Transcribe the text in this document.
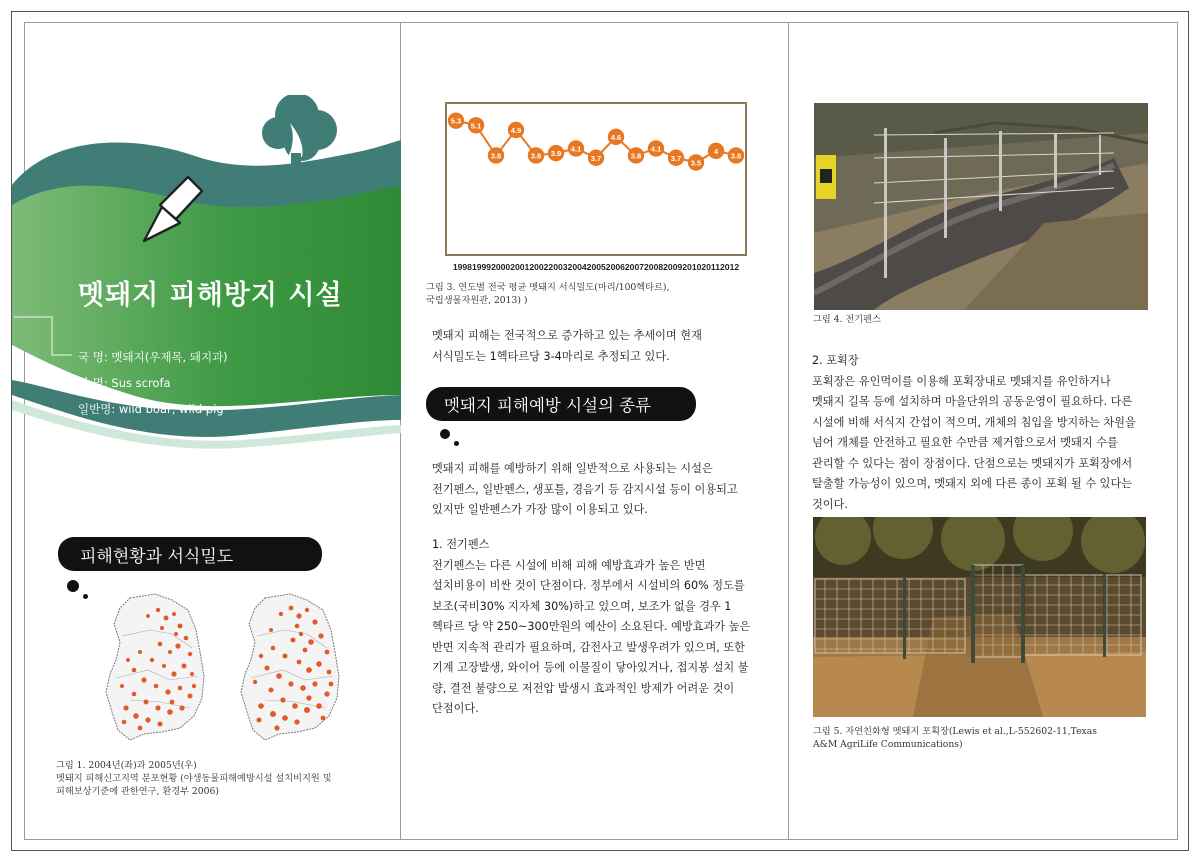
멧돼지 피해방지 시설
국 명: 멧돼지(우제목, 돼지과)
학 명: Sus scrofa
일반명: wild boar, wild pig
피해현황과 서식밀도
그림 1. 2004년(좌)과 2005년(우)
멧돼지 피해신고지역 분포현황 (야생동물피해예방시설 설치비지원 및
피해보상기준에 관한연구, 환경부 2006)
5.3
5.1
3.8
4.9
3.8 3.9
4.1
3.7
4.6
3.8
4.1
3.7
3.5
4
3.8
199819992000200120022003200420052006200720082009201020112012
그림 3. 연도별 전국 평균 멧돼지 서식밀도(마리/100헥타르),
국립생물자원관, 2013) )
멧돼지 피해는 전국적으로 증가하고 있는 추세이며 현재
서식밀도는 1헥타르당 3-4마리로 추정되고 있다.
멧돼지 피해예방 시설의 종류
멧돼지 피해를 예방하기 위해 일반적으로 사용되는 시설은
전기펜스, 일반펜스, 생포틀, 경음기 등 감지시설 등이 이용되고
있지만 일반펜스가 가장 많이 이용되고 있다.
1. 전기펜스
전기펜스는 다른 시설에 비해 피해 예방효과가 높은 반면
설치비용이 비싼 것이 단점이다. 정부에서 시설비의 60% 정도를
보조(국비30% 지자체 30%)하고 있으며, 보조가 없을 경우 1
헥타르 당 약 250~300만원의 예산이 소요된다. 예방효과가 높은
반면 지속적 관리가 필요하며, 감전사고 발생우려가 있으며, 또한
기계 고장발생, 와이어 등에 이물질이 닿아있거나, 접지봉 설치 불
량, 결전 불량으로 저전압 발생시 효과적인 방제가 어려운 것이
단점이다.
그림 4. 전기펜스
2. 포획장
포획장은 유인먹이를 이용해 포획장내로 멧돼지를 유인하거나
멧돼지 길목 등에 설치하며 마을단위의 공동운영이 필요하다. 다른
시설에 비해 서식지 간섭이 적으며, 개체의 침입을 방지하는 차원을
넘어 개체를 안전하고 필요한 수만큼 제거함으로서 멧돼지 수를
관리할 수 있다는 점이 장점이다. 단점으로는 멧돼지가 포획장에서
탈출할 가능성이 있으며, 멧돼지 외에 다른 종이 포획 될 수 있다는
것이다.
그림 5. 자연친화형 멧돼지 포획장(Lewis et al.,L-552602-11,Texas
A&M AgriLife Communications)
